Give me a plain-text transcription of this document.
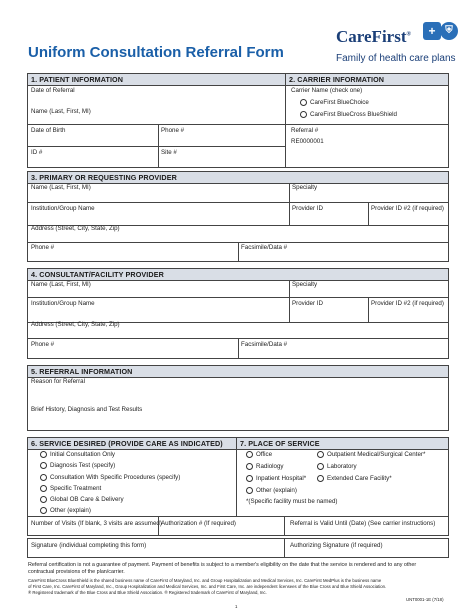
Uniform Consultation Referral Form
CareFirst® + ⛨
Family of health care plans
1. PATIENT INFORMATION
Date of Referral
Name (Last, First, MI)
Date of Birth	Phone #
ID #	Site #
2. CARRIER INFORMATION
Carrier Name (check one)
CareFirst BlueChoice
CareFirst BlueCross BlueShield
Referral #
RE0000001
3. PRIMARY OR REQUESTING PROVIDER
Name (Last, First, MI)	Specialty
Institution/Group Name	Provider ID	Provider ID #2 (if required)
Address (Street, City, State, Zip)
Phone #	Facsimile/Data #
4. CONSULTANT/FACILITY PROVIDER
Name (Last, First, MI)	Specialty
Institution/Group Name	Provider ID	Provider ID #2 (if required)
Address (Street, City, State, Zip)
Phone #	Facsimile/Data #
5. REFERRAL INFORMATION
Reason for Referral
Brief History, Diagnosis and Test Results
6. SERVICE DESIRED (PROVIDE CARE AS INDICATED)
Initial Consultation Only
Diagnosis Test (specify)
Consultation With Specific Procedures (specify)
Specific Treatment
Global OB Care & Delivery
Other (explain)
7. PLACE OF SERVICE
Office	Outpatient Medical/Surgical Center*
Radiology	Laboratory
Inpatient Hospital*	Extended Care Facility*
Other (explain)
*(Specific facility must be named)
Number of Visits (If blank, 3 visits are assumed) Authorization # (If required)	Referral is Valid Until (Date) (See carrier instructions)
Signature (individual completing this form)	Authorizing Signature (if required)
Referral certification is not a guarantee of payment. Payment of benefits is subject to a member's eligibility on the date that the service is rendered and to any other
contractual provisions of the plan/carrier.
CareFirst BlueCross BlueShield is the shared business name of CareFirst of Maryland, Inc. and Group Hospitalization and Medical Services, Inc. CareFirst MedPlus is the business name
of First Care, Inc. CareFirst of Maryland, Inc., Group Hospitalization and Medical Services, Inc. and First Care, Inc. are independent licensees of the Blue Cross and Blue Shield Association.
® Registered trademark of the Blue Cross and Blue Shield Association. ® Registered trademark of CareFirst of Maryland, Inc.
UNT0001-1E (7/18)
1
